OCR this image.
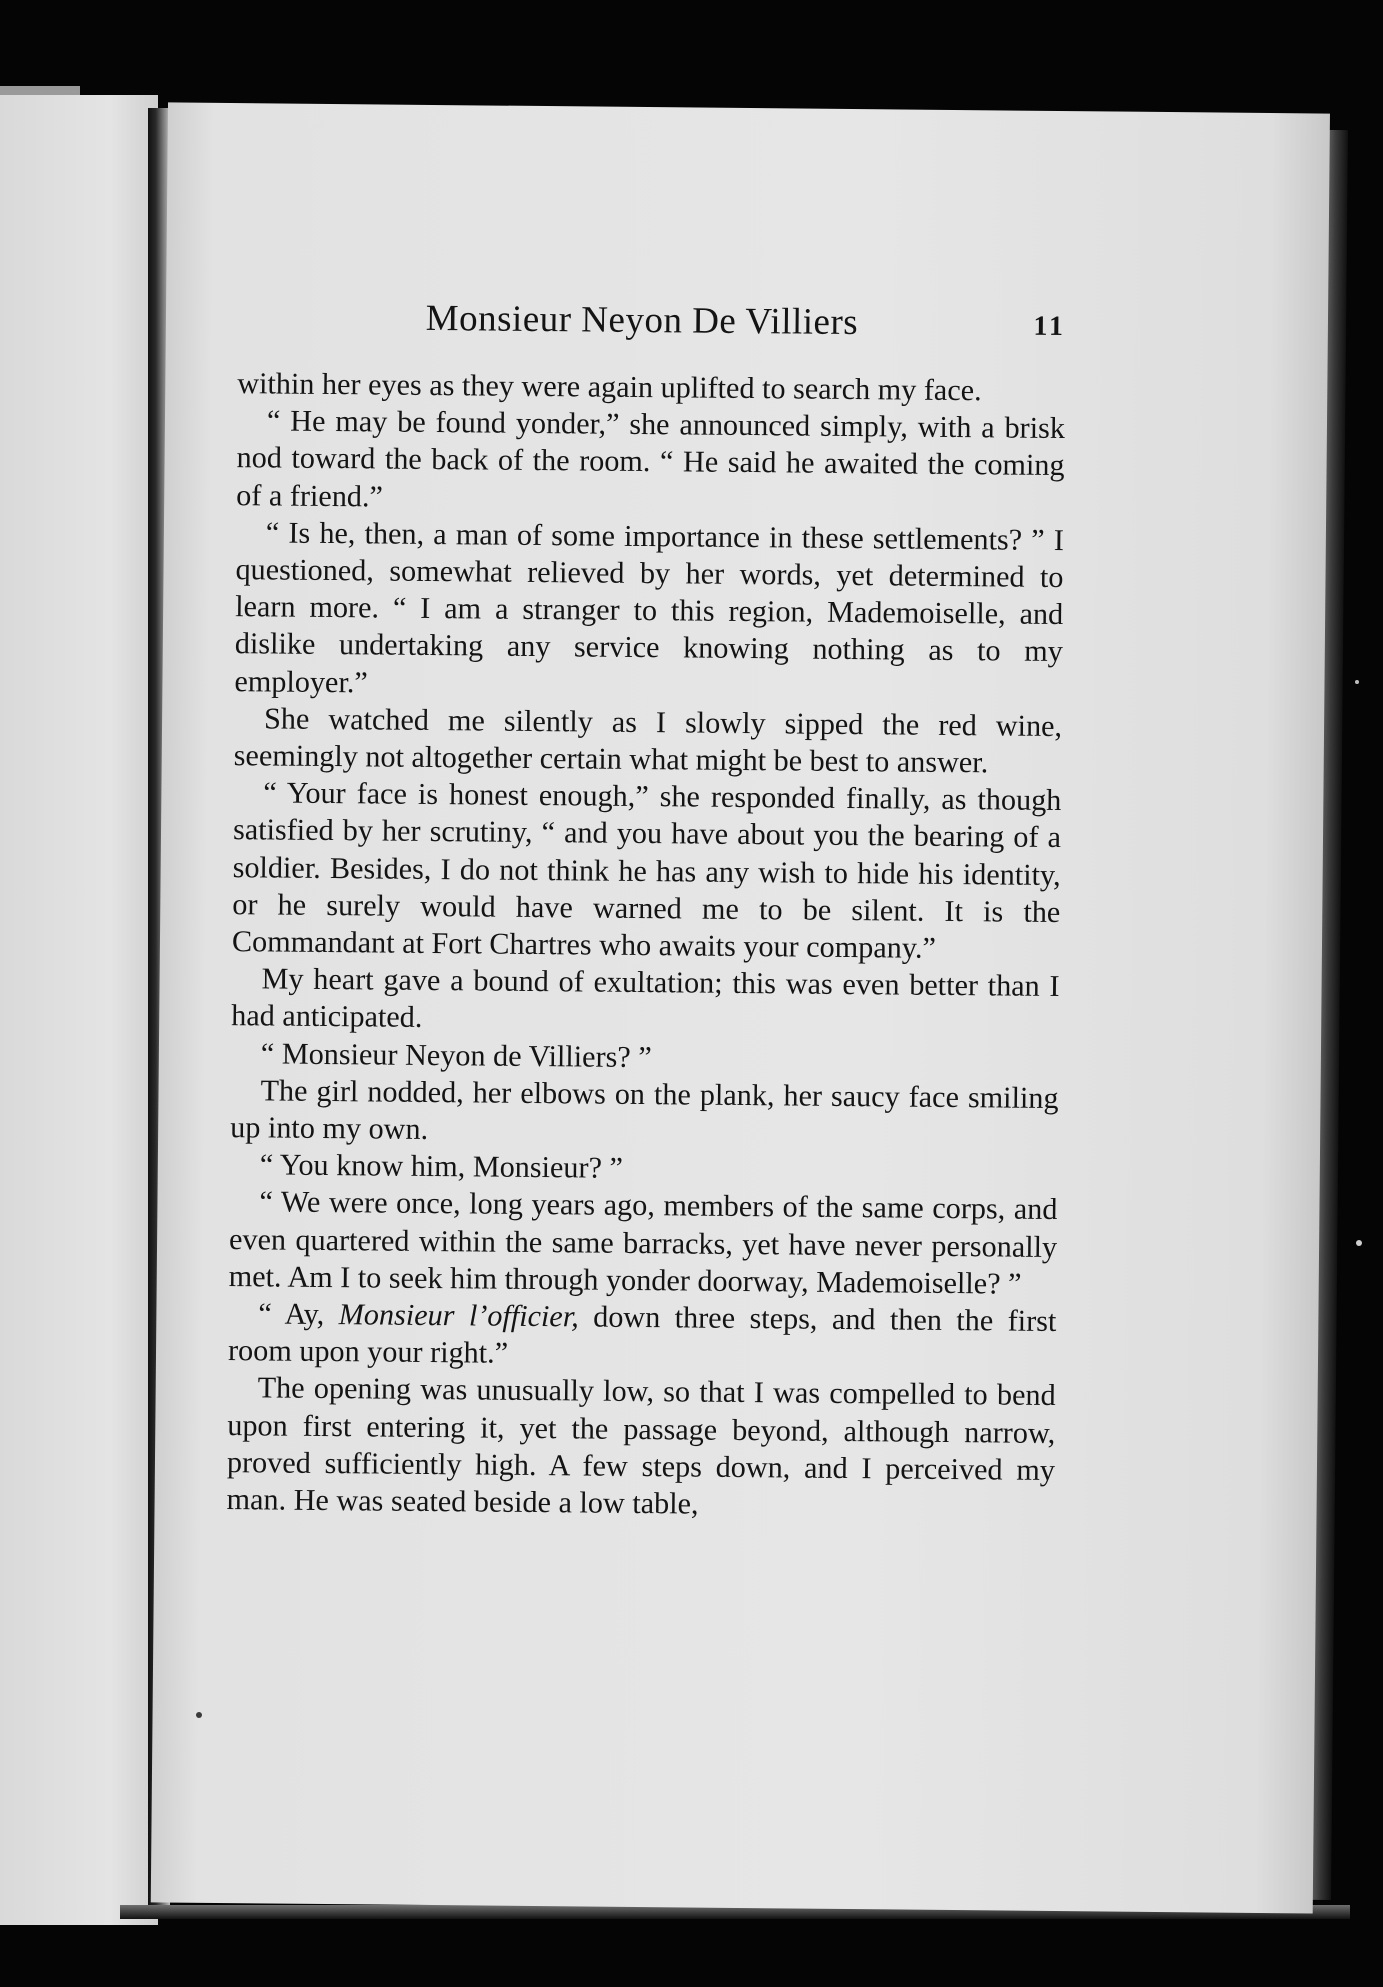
Monsieur Neyon De Villiers	11

within her eyes as they were again uplifted to search my face.

“ He may be found yonder,” she announced simply, with a brisk nod toward the back of the room. “ He said he awaited the coming of a friend.”

“ Is he, then, a man of some importance in these settlements? ” I questioned, somewhat relieved by her words, yet determined to learn more. “ I am a stranger to this region, Mademoiselle, and dislike undertaking any service knowing nothing as to my employer.”

She watched me silently as I slowly sipped the red wine, seemingly not altogether certain what might be best to answer.

“ Your face is honest enough,” she responded finally, as though satisfied by her scrutiny, “ and you have about you the bearing of a soldier. Besides, I do not think he has any wish to hide his identity, or he surely would have warned me to be silent. It is the Commandant at Fort Chartres who awaits your company.”

My heart gave a bound of exultation; this was even better than I had anticipated.

“ Monsieur Neyon de Villiers? ”

The girl nodded, her elbows on the plank, her saucy face smiling up into my own.

“ You know him, Monsieur? ”

“ We were once, long years ago, members of the same corps, and even quartered within the same barracks, yet have never personally met. Am I to seek him through yonder doorway, Mademoiselle? ”

“ Ay, Monsieur l’officier, down three steps, and then the first room upon your right.”

The opening was unusually low, so that I was compelled to bend upon first entering it, yet the passage beyond, although narrow, proved sufficiently high. A few steps down, and I perceived my man. He was seated beside a low table,
